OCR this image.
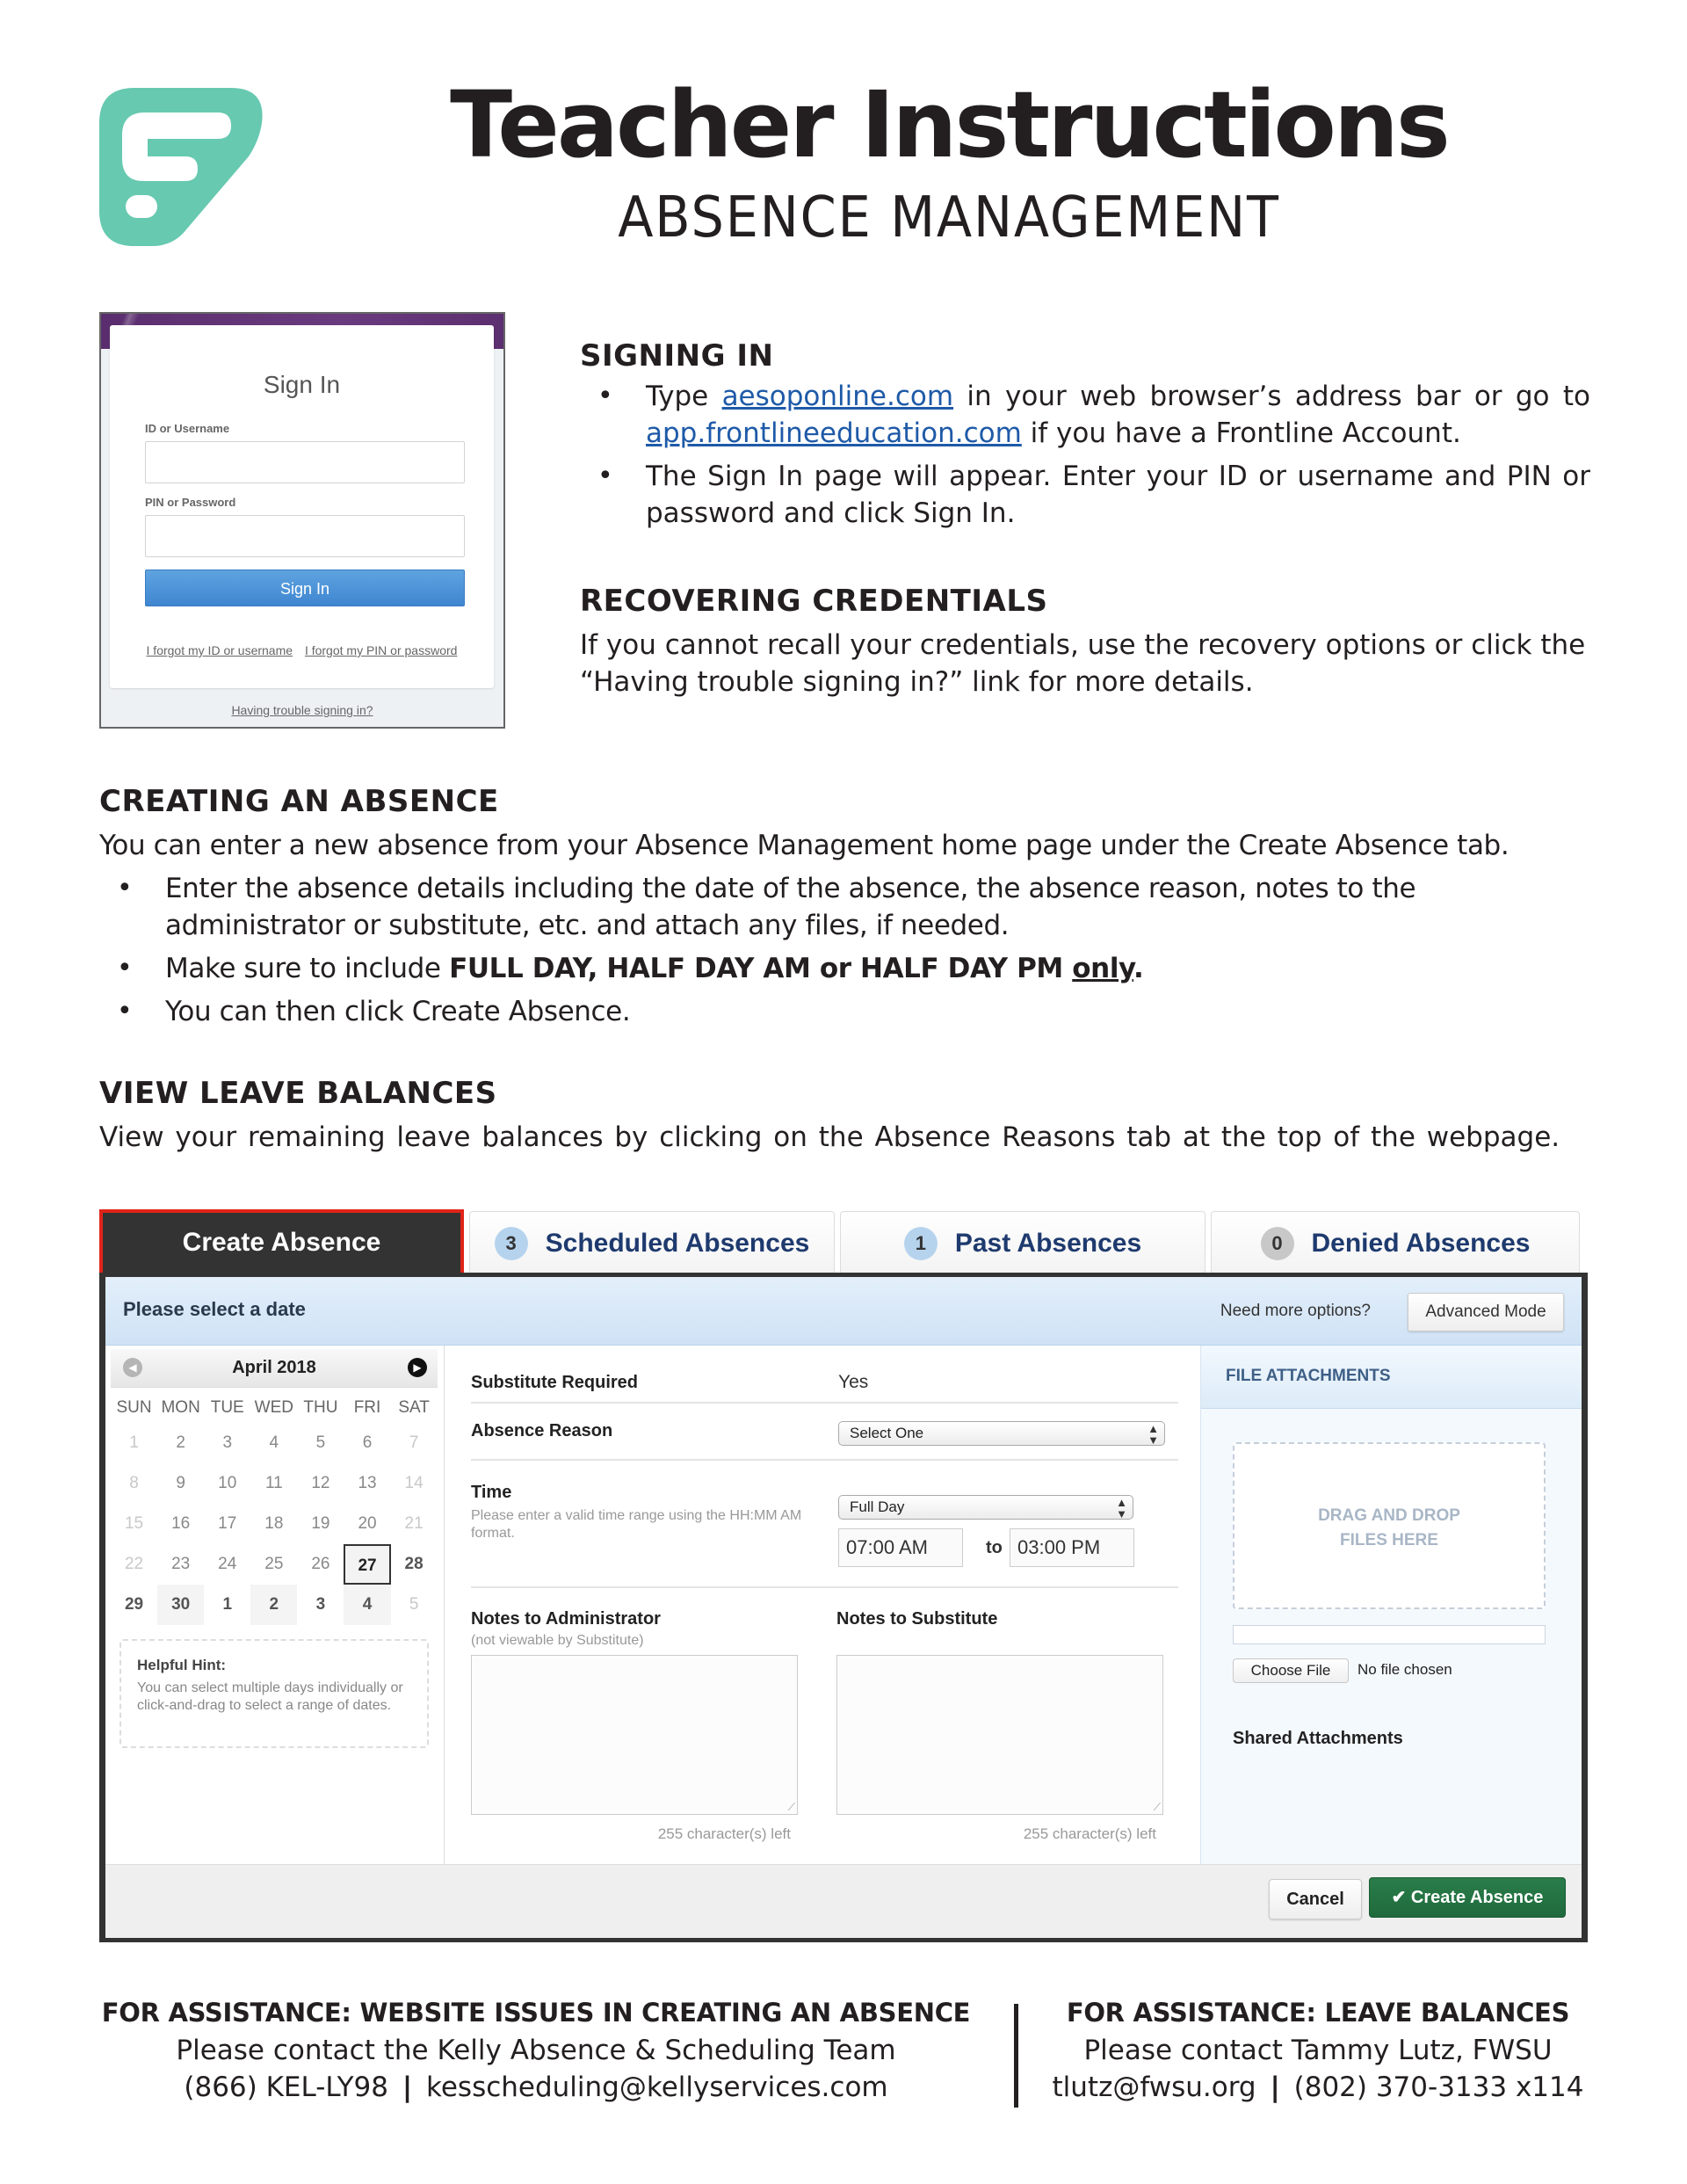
Teacher Instructions
ABSENCE MANAGEMENT
Sign In
ID or Username
PIN or Password
Sign In
I forgot my ID or username I forgot my PIN or password
Having trouble signing in?
SIGNING IN
• Type aesoponline.com in your web browser’s address bar or go to app.frontlineeducation.com if you have a Frontline Account.
• The Sign In page will appear. Enter your ID or username and PIN or password and click Sign In.
RECOVERING CREDENTIALS
If you cannot recall your credentials, use the recovery options or click the “Having trouble signing in?” link for more details.
CREATING AN ABSENCE
You can enter a new absence from your Absence Management home page under the Create Absence tab.
• Enter the absence details including the date of the absence, the absence reason, notes to the administrator or substitute, etc. and attach any files, if needed.
• Make sure to include FULL DAY, HALF DAY AM or HALF DAY PM only.
• You can then click Create Absence.
VIEW LEAVE BALANCES
View your remaining leave balances by clicking on the Absence Reasons tab at the top of the webpage.
Create Absence	3	Scheduled Absences	1	Past Absences	0	Denied Absences
Please select a date	Need more options?	Advanced Mode
◀	April 2018	▶
SUN MON TUE WED THU FRI	SAT
1	2	3	4	5	6	7
8	9	10	11	12	13	14
15	16	17	18	19	20	21
22	23	24	25	26	27	28
29	30	1	2	3	4	5
Helpful Hint:
You can select multiple days individually or click-and-drag to select a range of dates.
Substitute Required	Yes
Absence Reason	Select One	▲
▼
Time
Please enter a valid time range using the HH:MM AM format.
Full Day	▲
▼
07:00 AM	to 03:00 PM
Notes to Administrator
(not viewable by Substitute)
⟋
255 character(s) left
Notes to Substitute
⟋
255 character(s) left
FILE ATTACHMENTS
DRAG AND DROP
FILES HERE
Choose File	No file chosen
Shared Attachments
Cancel	✔ Create Absence
FOR ASSISTANCE: WEBSITE ISSUES IN CREATING AN ABSENCE
Please contact the Kelly Absence & Scheduling Team
(866) KEL-LY98 | kesscheduling@kellyservices.com
FOR ASSISTANCE: LEAVE BALANCES
Please contact Tammy Lutz, FWSU
tlutz@fwsu.org | (802) 370-3133 x114
